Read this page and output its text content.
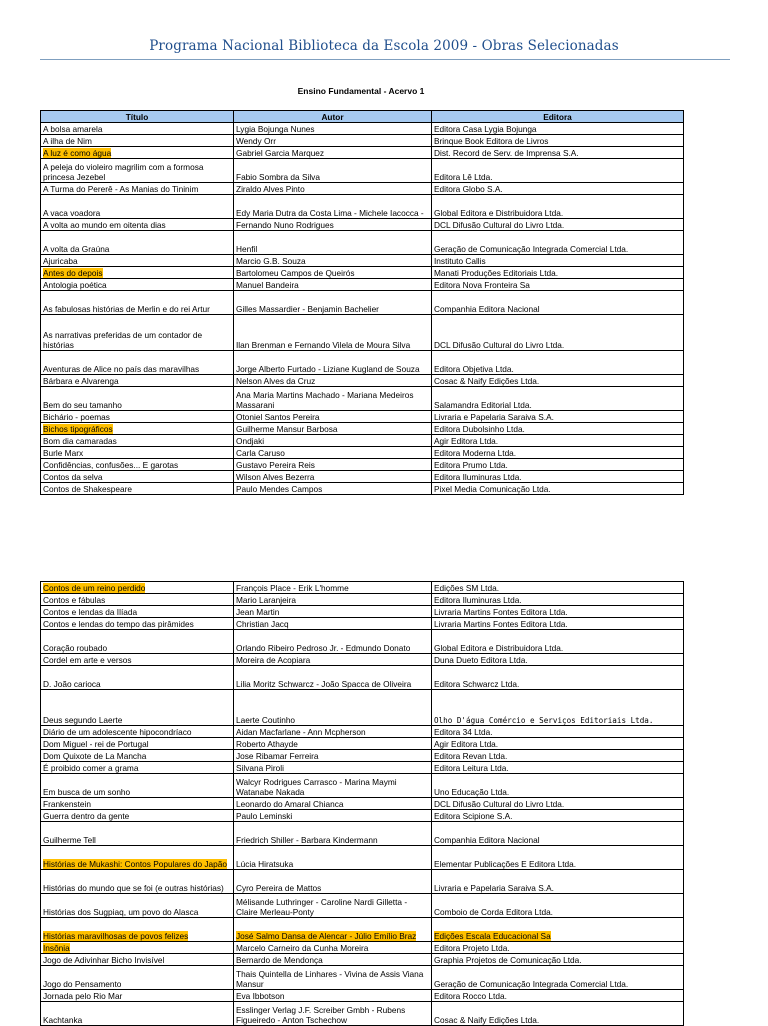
Programa Nacional Biblioteca da Escola 2009 - Obras Selecionadas
Ensino Fundamental - Acervo 1
Título	Autor	Editora
A bolsa amarela	Lygia Bojunga Nunes	Editora Casa Lygia Bojunga
A ilha de Nim	Wendy Orr	Brinque Book Editora de Livros
A luz é como água	Gabriel Garcia Marquez	Dist. Record de Serv. de Imprensa S.A.
A peleja do violeiro magrilim com a formosa princesa Jezebel	Fabio Sombra da Silva	Editora Lê Ltda.
A Turma do Pererê - As Manias do Tininim	Ziraldo Alves Pinto	Editora Globo S.A.
A vaca voadora	Edy Maria Dutra da Costa Lima - Michele Iacocca -	Global Editora e Distribuidora Ltda.
A volta ao mundo em oitenta dias	Fernando Nuno Rodrigues	DCL Difusão Cultural do Livro Ltda.
A volta da Graúna	Henfil	Geração de Comunicação Integrada Comercial Ltda.
Ajuricaba	Marcio G.B. Souza	Instituto Callis
Antes do depois	Bartolomeu Campos de Queirós	Manati Produções Editoriais Ltda.
Antologia poética	Manuel Bandeira	Editora Nova Fronteira Sa
As fabulosas histórias de Merlin e do rei Artur	Gilles Massardier - Benjamin Bachelier	Companhia Editora Nacional
As narrativas preferidas de um contador de histórias	Ilan Brenman e Fernando Vilela de Moura Silva	DCL Difusão Cultural do Livro Ltda.
Aventuras de Alice no país das maravilhas	Jorge Alberto Furtado - Liziane Kugland de Souza	Editora Objetiva Ltda.
Bárbara e Alvarenga	Nelson Alves da Cruz	Cosac & Naify Edições Ltda.
Bem do seu tamanho	Ana Maria Martins Machado - Mariana Medeiros Massarani	Salamandra Editorial Ltda.
Bichário - poemas	Otoniel Santos Pereira	Livraria e Papelaria Saraiva S.A.
Bichos tipográficos	Guilherme Mansur Barbosa	Editora Dubolsinho Ltda.
Bom dia camaradas	Ondjaki	Agir Editora Ltda.
Burle Marx	Carla Caruso	Editora Moderna Ltda.
Confidências, confusões... E garotas	Gustavo Pereira Reis	Editora Prumo Ltda.
Contos da selva	Wilson Alves Bezerra	Editora Iluminuras Ltda.
Contos de Shakespeare	Paulo Mendes Campos	Pixel Media Comunicação Ltda.
Contos de um reino perdido	François Place - Erik L'homme	Edições SM Ltda.
Contos e fábulas	Mario Laranjeira	Editora Iluminuras Ltda.
Contos e lendas da Ilíada	Jean Martin	Livraria Martins Fontes Editora Ltda.
Contos e lendas do tempo das pirâmides	Christian Jacq	Livraria Martins Fontes Editora Ltda.
Coração roubado	Orlando Ribeiro Pedroso Jr. - Edmundo Donato	Global Editora e Distribuidora Ltda.
Cordel em arte e versos	Moreira de Acopiara	Duna Dueto Editora Ltda.
D. João carioca	Lilia Moritz Schwarcz - João Spacca de Oliveira	Editora Schwarcz Ltda.
Deus segundo Laerte	Laerte Coutinho	Olho D'água Comércio e Serviços Editoriais Ltda.
Diário de um adolescente hipocondríaco	Aidan Macfarlane - Ann Mcpherson	Editora 34 Ltda.
Dom Miguel - rei de Portugal	Roberto Athayde	Agir Editora Ltda.
Dom Quixote de La Mancha	Jose Ribamar Ferreira	Editora Revan Ltda.
É proibido comer a grama	Silvana Piroli	Editora Leitura Ltda.
Em busca de um sonho	Walcyr Rodrigues Carrasco - Marina Maymi Watanabe Nakada	Uno Educação Ltda.
Frankenstein	Leonardo do Amaral Chianca	DCL Difusão Cultural do Livro Ltda.
Guerra dentro da gente	Paulo Leminski	Editora Scipione S.A.
Guilherme Tell	Friedrich Shiller - Barbara Kindermann	Companhia Editora Nacional
Histórias de Mukashi: Contos Populares do Japão	Lúcia Hiratsuka	Elementar Publicações E Editora Ltda.
Histórias do mundo que se foi (e outras histórias)	Cyro Pereira de Mattos	Livraria e Papelaria Saraiva S.A.
Histórias dos Sugpiaq, um povo do Alasca	Mélisande Luthringer - Caroline Nardi Gilletta - Claire Merleau-Ponty	Comboio de Corda Editora Ltda.
Histórias maravilhosas de povos felizes	José Salmo Dansa de Alencar - Júlio Emílio Braz	Edições Escala Educacional Sa
Insônia	Marcelo Carneiro da Cunha Moreira	Editora Projeto Ltda.
Jogo de Adivinhar Bicho Invisível	Bernardo de Mendonça	Graphia Projetos de Comunicação Ltda.
Jogo do Pensamento	Thais Quintella de Linhares - Vivina de Assis Viana Mansur	Geração de Comunicação Integrada Comercial Ltda.
Jornada pelo Rio Mar	Eva Ibbotson	Editora Rocco Ltda.
Kachtanka	Esslinger Verlag J.F. Screiber Gmbh - Rubens Figueiredo - Anton Tschechow	Cosac & Naify Edições Ltda.
